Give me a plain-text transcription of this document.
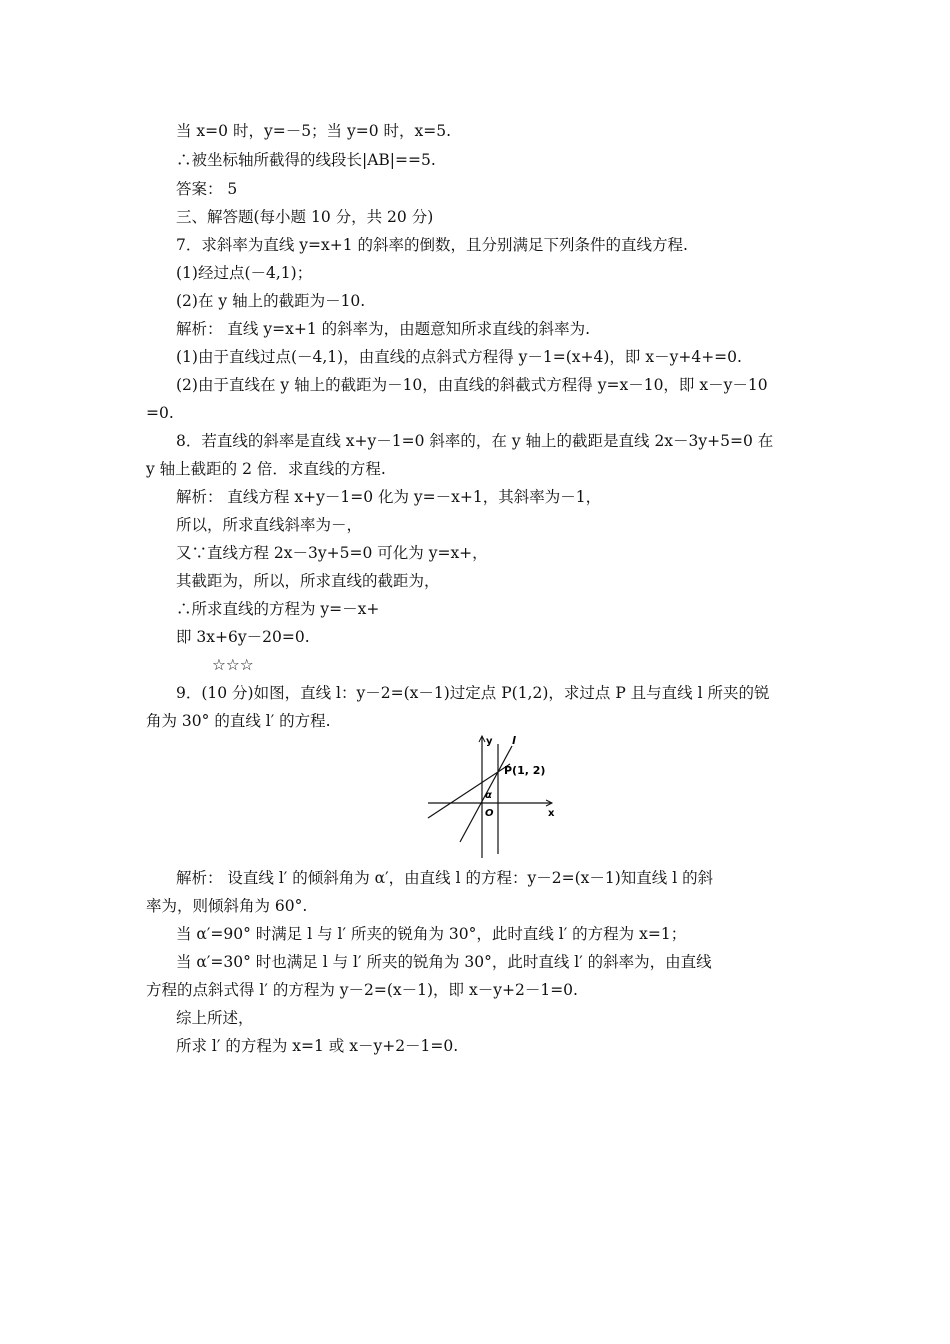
当 x=0 时，y=－5；当 y=0 时，x=5.
∴被坐标轴所截得的线段长|AB|==5.
答案： 5
三、解答题(每小题 10 分，共 20 分)
7．求斜率为直线 y=x+1 的斜率的倒数，且分别满足下列条件的直线方程.
(1)经过点(－4,1)；
(2)在 y 轴上的截距为－10.
解析： 直线 y=x+1 的斜率为，由题意知所求直线的斜率为.
(1)由于直线过点(－4,1)，由直线的点斜式方程得 y－1=(x+4)，即 x－y+4+=0.
(2)由于直线在 y 轴上的截距为－10，由直线的斜截式方程得 y=x－10，即 x－y－10
=0.
8．若直线的斜率是直线 x+y－1=0 斜率的，在 y 轴上的截距是直线 2x－3y+5=0 在
y 轴上截距的 2 倍．求直线的方程.
解析： 直线方程 x+y－1=0 化为 y=－x+1，其斜率为－1，
所以，所求直线斜率为－，
又∵直线方程 2x－3y+5=0 可化为 y=x+，
其截距为，所以，所求直线的截距为，
∴所求直线的方程为 y=－x+
即 3x+6y－20=0.
☆☆☆
9．(10 分)如图，直线 l：y－2=(x－1)过定点 P(1,2)，求过点 P 且与直线 l 所夹的锐
角为 30° 的直线 l′ 的方程.
y
x
l
P(1, 2)
α
O
解析： 设直线 l′ 的倾斜角为 α′，由直线 l 的方程：y－2=(x－1)知直线 l 的斜
率为，则倾斜角为 60°.
当 α′=90° 时满足 l 与 l′ 所夹的锐角为 30°，此时直线 l′ 的方程为 x=1；
当 α′=30° 时也满足 l 与 l′ 所夹的锐角为 30°，此时直线 l′ 的斜率为，由直线
方程的点斜式得 l′ 的方程为 y－2=(x－1)，即 x－y+2－1=0.
综上所述，
所求 l′ 的方程为 x=1 或 x－y+2－1=0.
